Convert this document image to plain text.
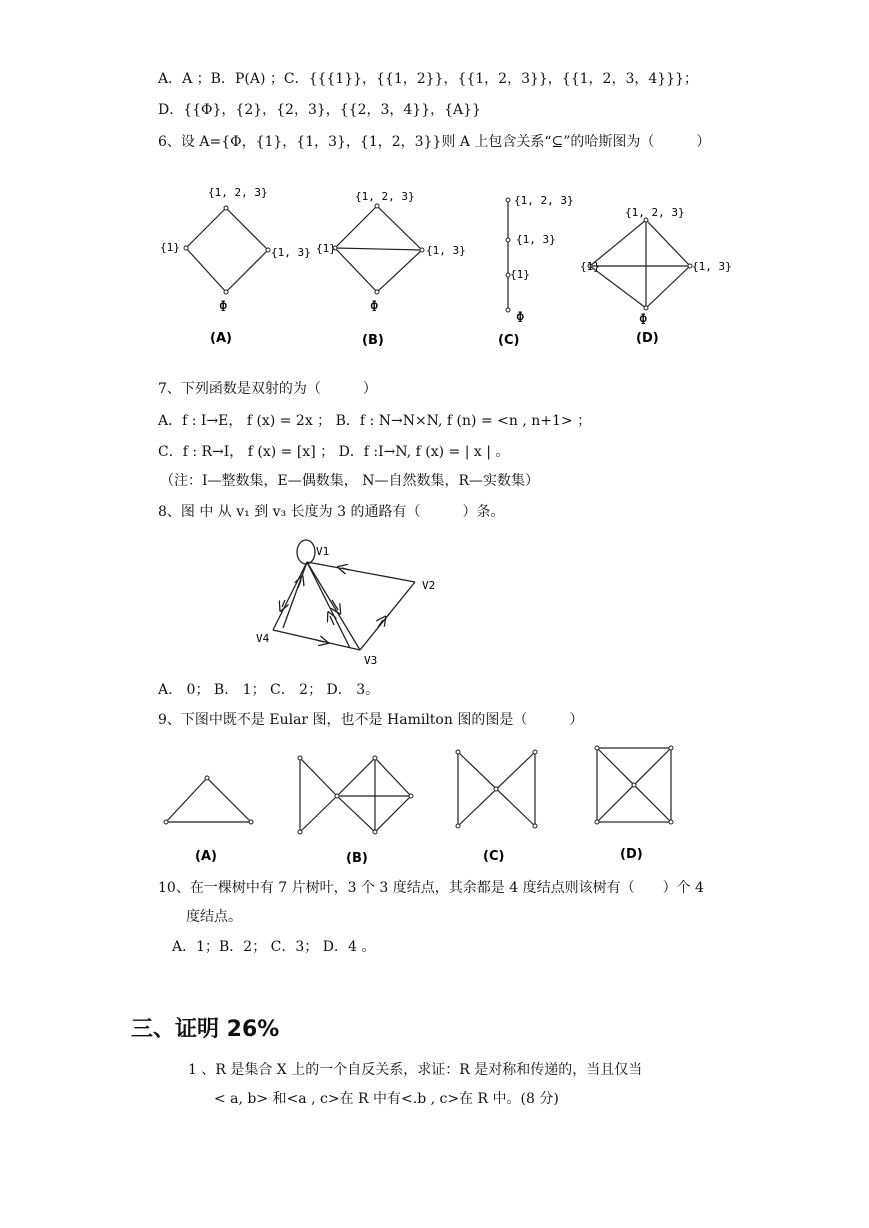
A．A ；B．P(A) ；C．{{{1}}，{{1，2}}，{{1，2，3}}，{{1，2，3，4}}}；
D．{{Φ}，{2}，{2，3}，{{2，3，4}}，{A}}
6、设 A={Φ，{1}，{1，3}，{1，2，3}}则 A 上包含关系“⊆”的哈斯图为（　　　）
{1, 2, 3}
{1}	{1, 3}
Φ
(A)
{1, 2, 3}
{1}	{1, 3}
Φ
(B)
{1, 2, 3}
{1, 3}
{1}
Φ
(C)
{1, 2, 3}
{1}	{1, 3}
Φ
(D)
7、下列函数是双射的为（　　　）
A．f : I→E， f (x) = 2x ； B．f : N→N×N, f (n) = <n , n+1> ；
C．f : R→I， f (x) = [x] ； D．f :I→N, f (x) = | x | 。
（注：I—整数集，E—偶数集， N—自然数集，R—实数集）
8、图 中 从 v₁ 到 v₃ 长度为 3 的通路有（　　　）条。
V1
V2
V3
V4
A． 0； B． 1； C． 2； D． 3。
9、下图中既不是 Eular 图，也不是 Hamilton 图的图是（　　　）
(A)	(B)	(C)	(D)
10、在一棵树中有 7 片树叶，3 个 3 度结点，其余都是 4 度结点则该树有（　　）个 4
度结点。
A．1；B．2； C．3； D．4 。
三、证明 26%
1 、R 是集合 X 上的一个自反关系，求证：R 是对称和传递的，当且仅当
< a, b> 和<a , c>在 R 中有<.b , c>在 R 中。(8 分)
